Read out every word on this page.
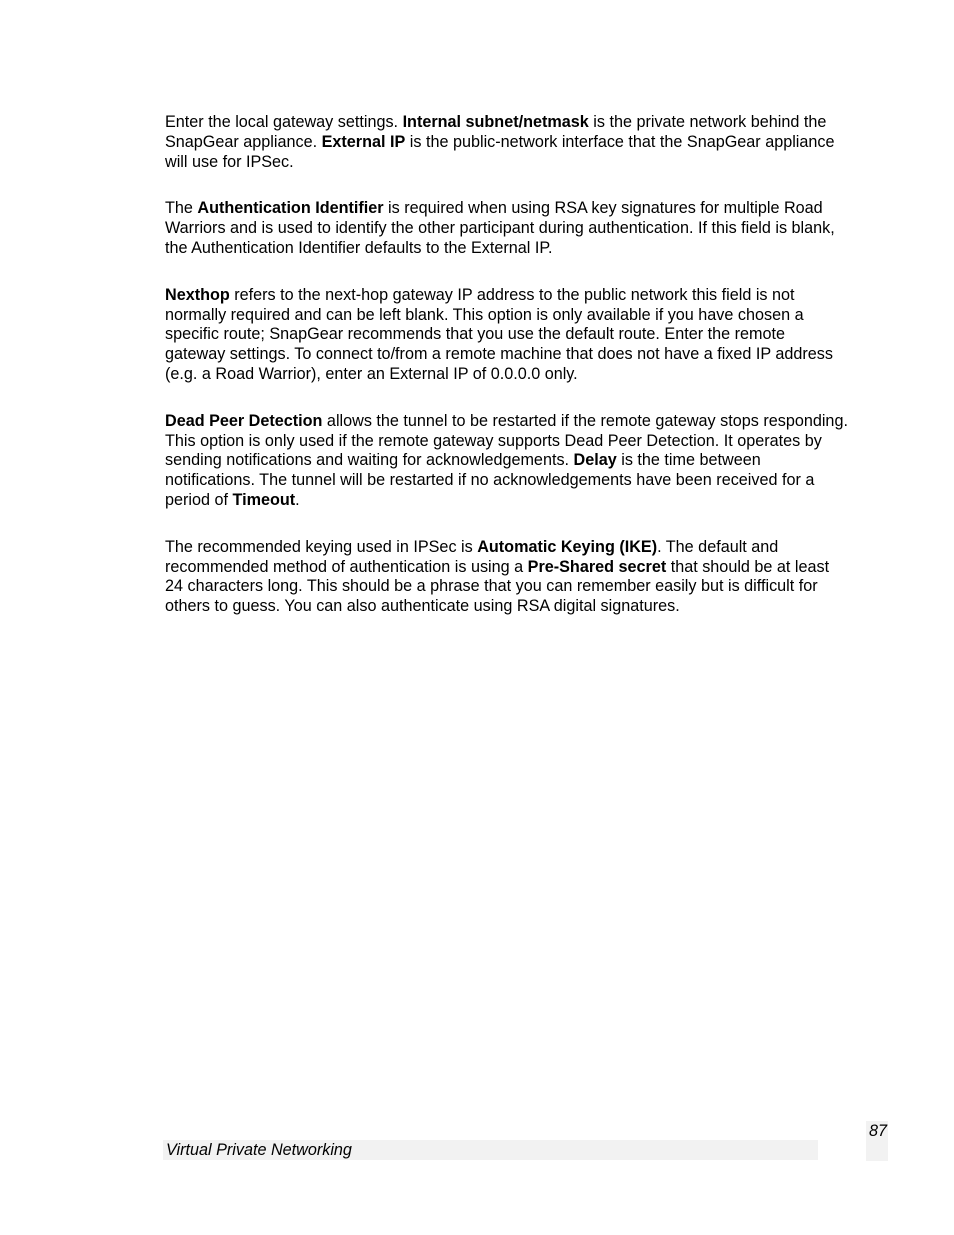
Enter the local gateway settings. Internal subnet/netmask is the private network behind the SnapGear appliance. External IP is the public-network interface that the SnapGear appliance will use for IPSec.

The Authentication Identifier is required when using RSA key signatures for multiple Road Warriors and is used to identify the other participant during authentication. If this field is blank, the Authentication Identifier defaults to the External IP.

Nexthop refers to the next-hop gateway IP address to the public network this field is not normally required and can be left blank. This option is only available if you have chosen a specific route; SnapGear recommends that you use the default route. Enter the remote gateway settings. To connect to/from a remote machine that does not have a fixed IP address (e.g. a Road Warrior), enter an External IP of 0.0.0.0 only.

Dead Peer Detection allows the tunnel to be restarted if the remote gateway stops responding. This option is only used if the remote gateway supports Dead Peer Detection. It operates by sending notifications and waiting for acknowledgements. Delay is the time between notifications. The tunnel will be restarted if no acknowledgements have been received for a period of Timeout.

The recommended keying used in IPSec is Automatic Keying (IKE). The default and recommended method of authentication is using a Pre-Shared secret that should be at least 24 characters long. This should be a phrase that you can remember easily but is difficult for others to guess. You can also authenticate using RSA digital signatures.

87
Virtual Private Networking
